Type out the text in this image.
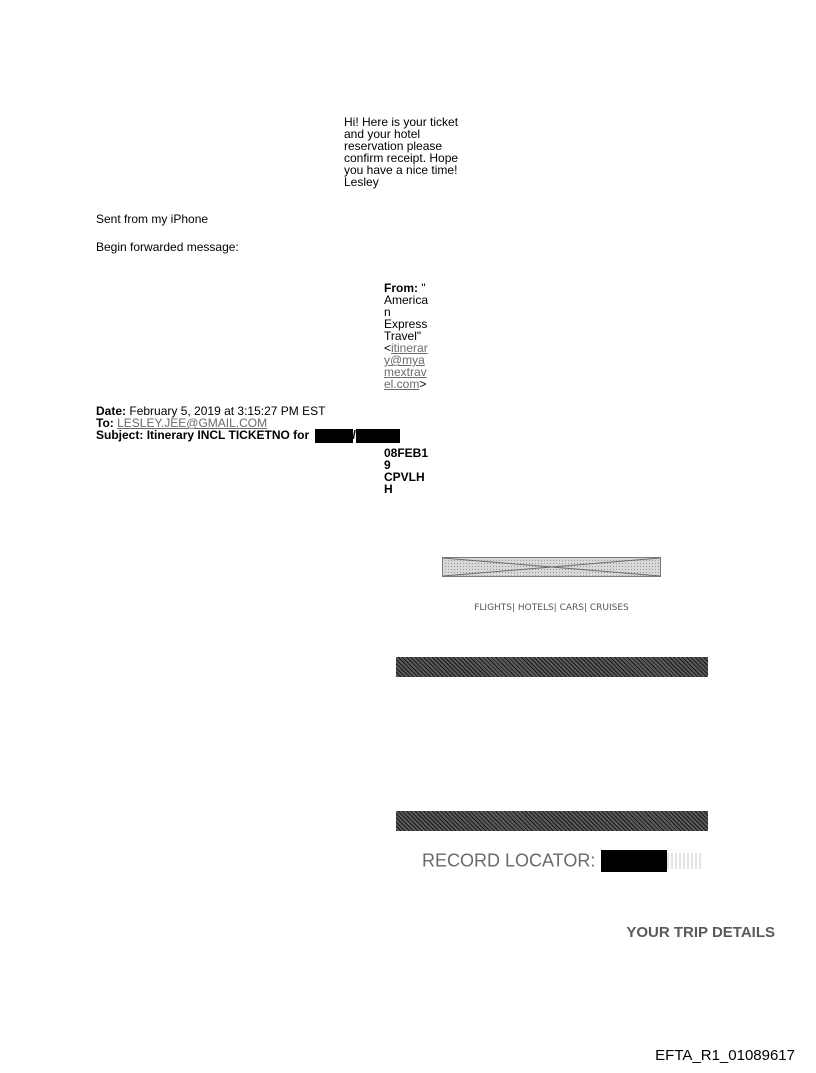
Hi! Here is your ticket
and your hotel
reservation please
confirm receipt. Hope
you have a nice time!
Lesley
Sent from my iPhone
Begin forwarded message:
From: "
America
n
Express
Travel"
<itinerar
y@mya
mextrav
el.com>
Date: February 5, 2019 at 3:15:27 PM EST
To: LESLEY.JEE@GMAIL.COM
Subject: Itinerary INCL TICKETNO for	/
08FEB1
9
CPVLH
H
FLIGHTS| HOTELS| CARS| CRUISES
RECORD LOCATOR:
YOUR TRIP DETAILS
EFTA_R1_01089617
